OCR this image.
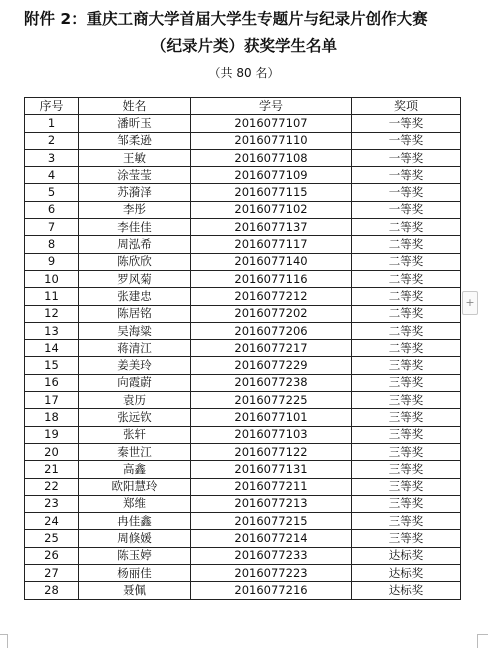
附件 2：重庆工商大学首届大学生专题片与纪录片创作大赛
（纪录片类）获奖学生名单
（共 80 名）
序号	姓名	学号	奖项
1	潘昕玉	2016077107	一等奖
2	邹柔逊	2016077110	一等奖
3	王敏	2016077108	一等奖
4	涂莹莹	2016077109	一等奖
5	苏漪泽	2016077115	一等奖
6	李彤	2016077102	一等奖
7	李佳佳	2016077137	二等奖
8	周泓希	2016077117	二等奖
9	陈欣欣	2016077140	二等奖
10	罗风菊	2016077116	二等奖
11	张建忠	2016077212	二等奖
12	陈居铭	2016077202	二等奖
13	吴海粱	2016077206	二等奖
14	蒋清江	2016077217	二等奖
15	姜美玲	2016077229	三等奖
16	向霞蔚	2016077238	三等奖
17	袁历	2016077225	三等奖
18	张远钦	2016077101	三等奖
19	张轩	2016077103	三等奖
20	秦世江	2016077122	三等奖
21	高鑫	2016077131	三等奖
22	欧阳慧玲	2016077211	三等奖
23	郑维	2016077213	三等奖
24	冉佳鑫	2016077215	三等奖
25	周倏媛	2016077214	三等奖
26	陈玉婷	2016077233	达标奖
27	杨丽佳	2016077223	达标奖
28	聂佩	2016077216	达标奖
+
